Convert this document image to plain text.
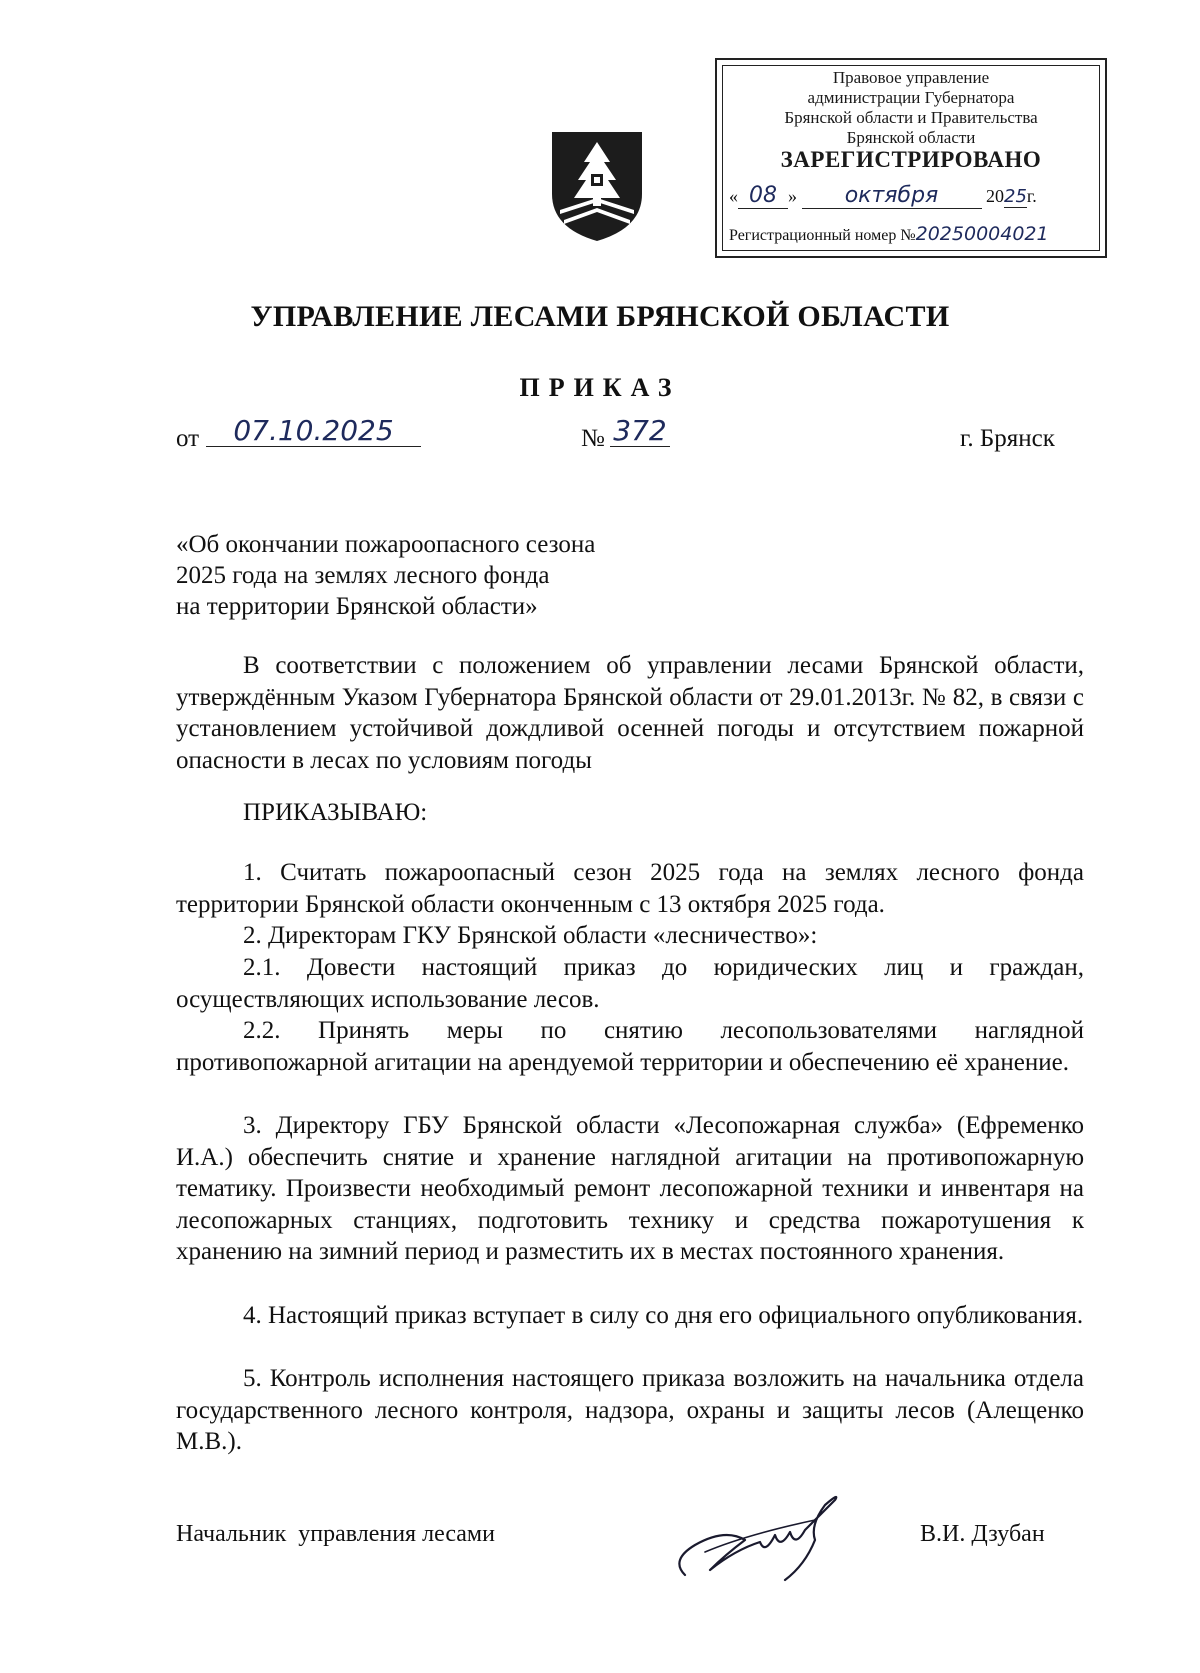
Правовое управление
администрации Губернатора
Брянской области и Правительства
Брянской области
ЗАРЕГИСТРИРОВАНО
« 08 » октября	2025г.
Регистрационный номер №20250004021
УПРАВЛЕНИЕ ЛЕСАМИ БРЯНСКОЙ ОБЛАСТИ
ПРИКАЗ
от	07.10.2025	№ 372	г. Брянск
«Об окончании пожароопасного сезона
2025 года на землях лесного фонда
на территории Брянской области»

В соответствии с положением об управлении лесами Брянской области, утверждённым Указом Губернатора Брянской области от 29.01.2013г. № 82, в связи с установлением устойчивой дождливой осенней погоды и отсутствием пожарной опасности в лесах по условиям погоды

ПРИКАЗЫВАЮ:

1. Считать пожароопасный сезон 2025 года на землях лесного фонда территории Брянской области оконченным с 13 октября 2025 года.

2. Директорам ГКУ Брянской области «лесничество»:

2.1. Довести настоящий приказ до юридических лиц и граждан, осуществляющих использование лесов.

2.2. Принять меры по снятию лесопользователями наглядной противопожарной агитации на арендуемой территории и обеспечению её хранение.

3. Директору ГБУ Брянской области «Лесопожарная служба» (Ефременко И.А.) обеспечить снятие и хранение наглядной агитации на противопожарную тематику. Произвести необходимый ремонт лесопожарной техники и инвентаря на лесопожарных станциях, подготовить технику и средства пожаротушения к хранению на зимний период и разместить их в местах постоянного хранения.

4. Настоящий приказ вступает в силу со дня его официального опубликования.

5. Контроль исполнения настоящего приказа возложить на начальника отдела государственного лесного контроля, надзора, охраны и защиты лесов (Алещенко М.В.).

Начальник  управления лесами	В.И. Дзубан
